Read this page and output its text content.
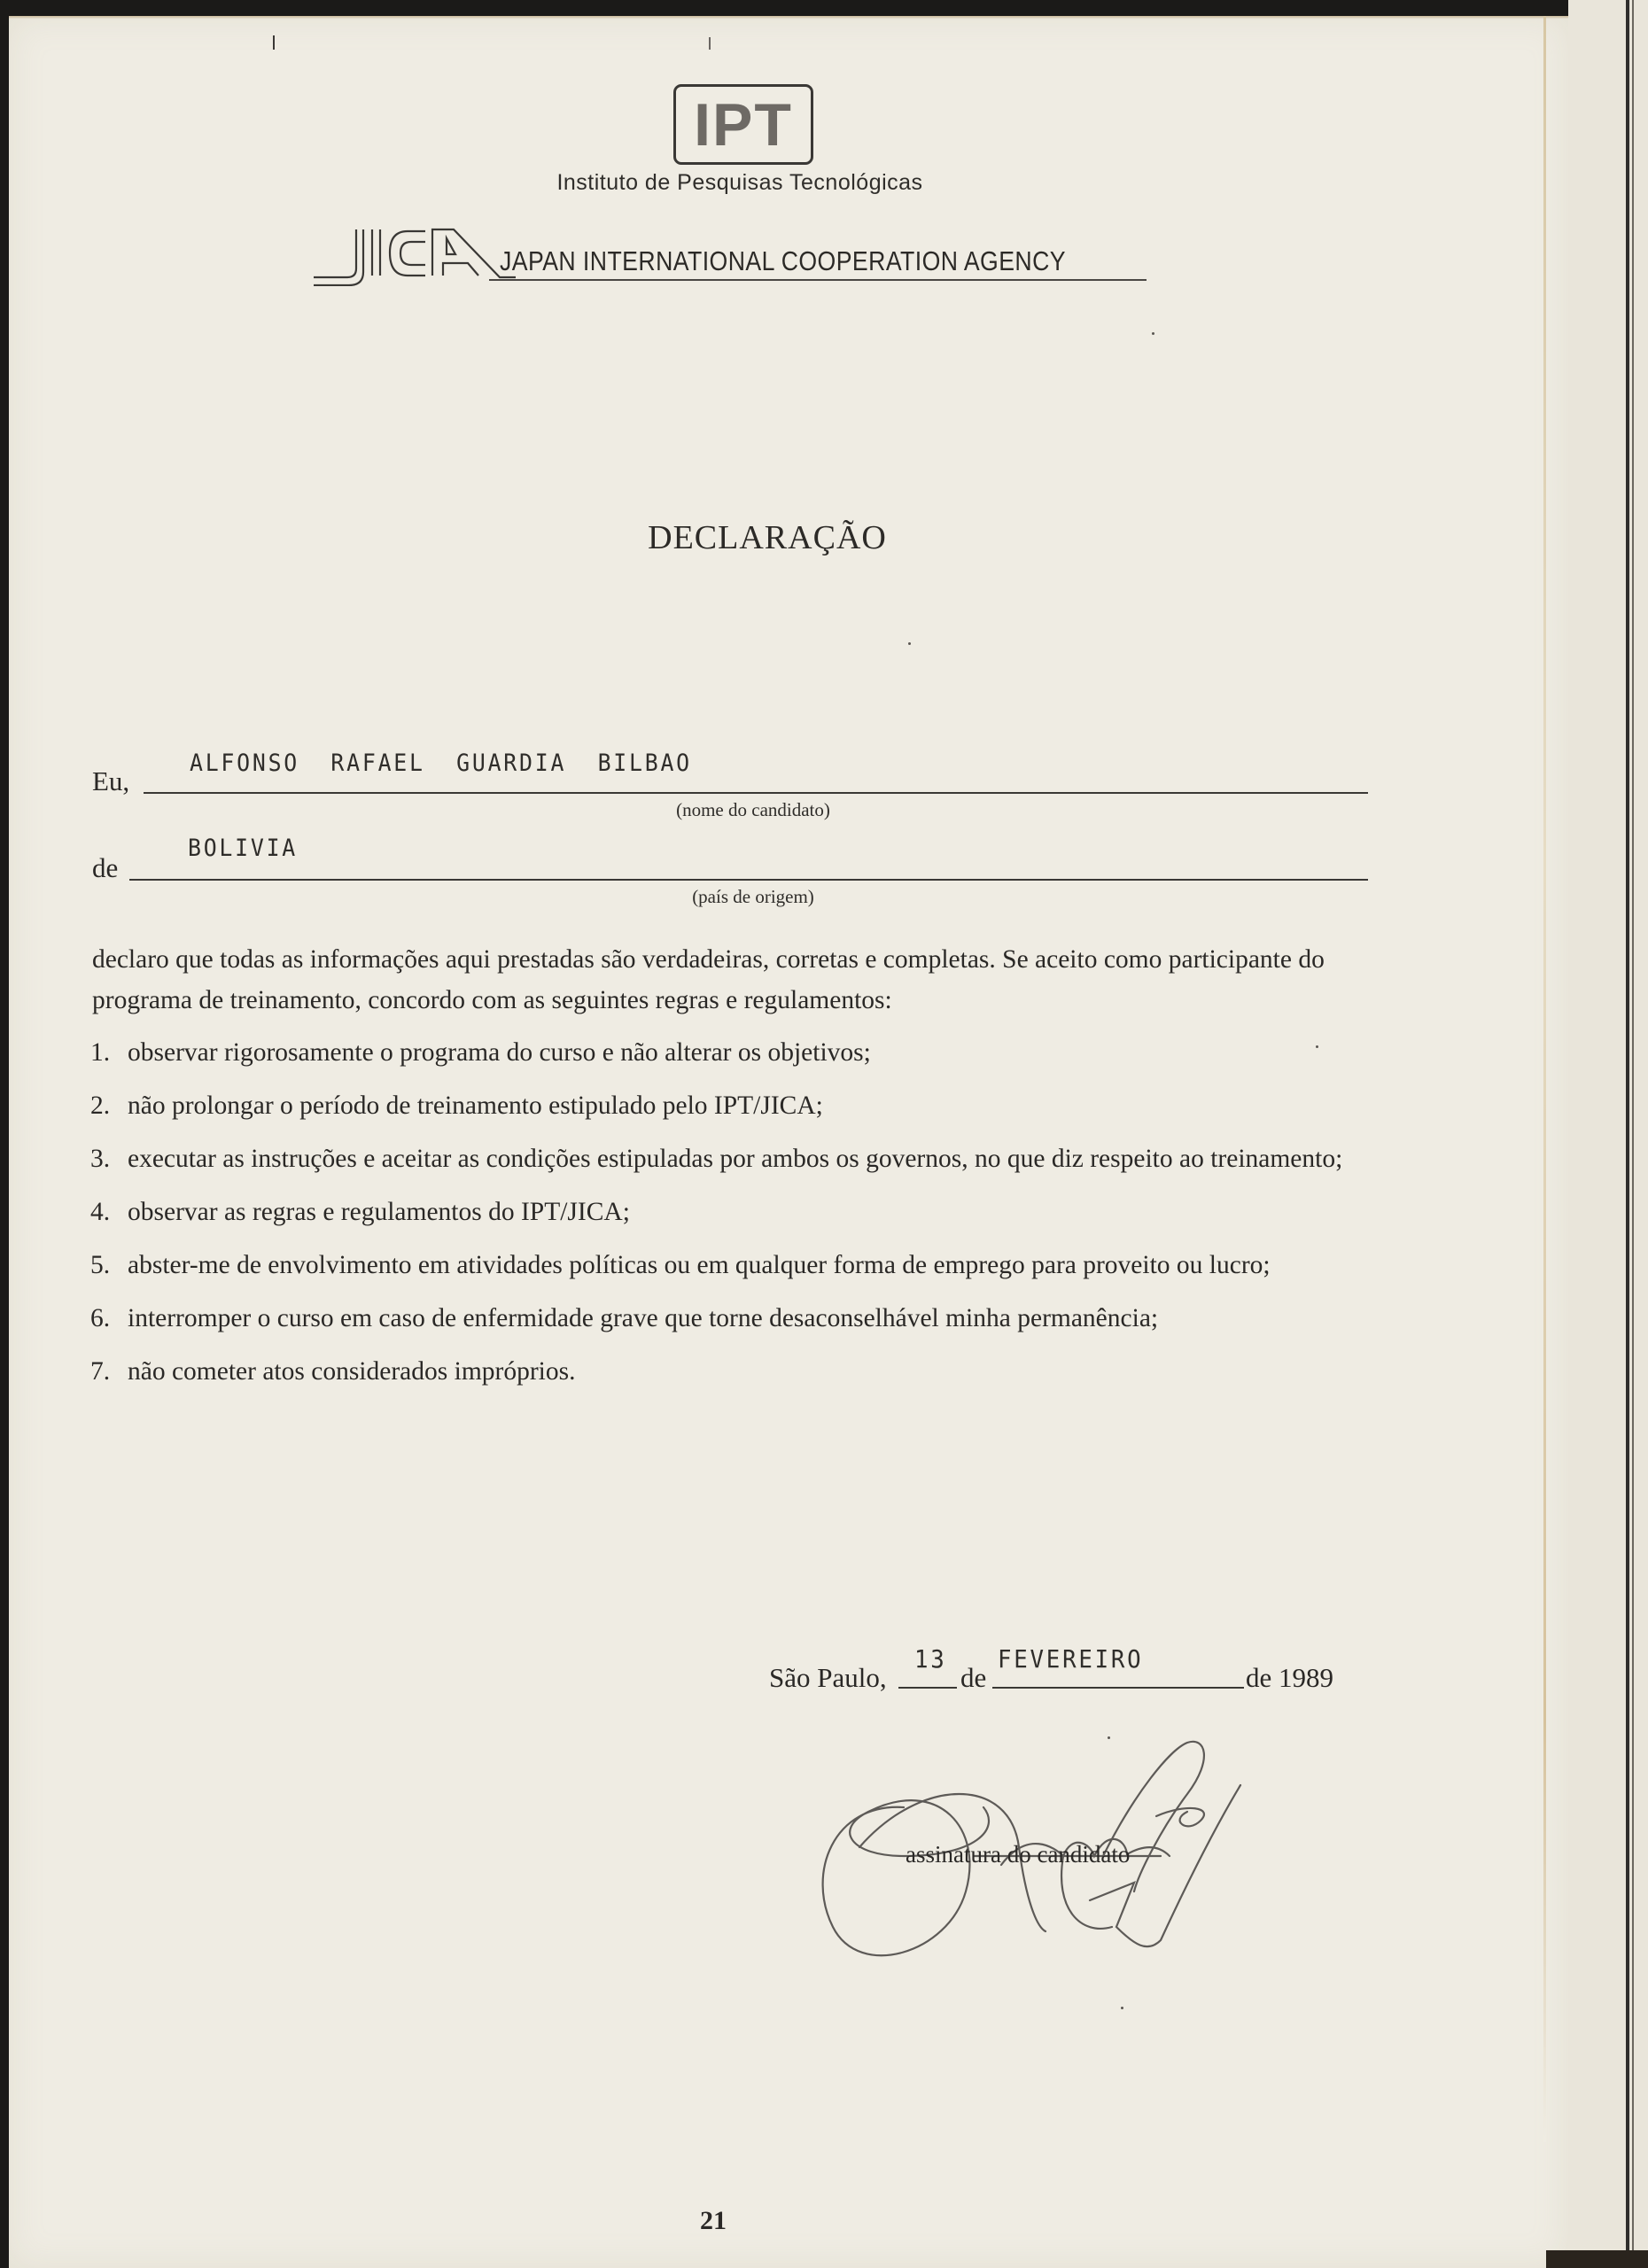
IPT
Instituto de Pesquisas Tecnológicas
JAPAN INTERNATIONAL COOPERATION AGENCY
DECLARAÇÃO
Eu,
ALFONSO  RAFAEL  GUARDIA  BILBAO
(nome do candidato)
de
BOLIVIA
(país de origem)
declaro que todas as informações aqui prestadas são verdadeiras, corretas e completas. Se aceito como participante do programa de treinamento, concordo com as seguintes regras e regulamentos:
1. observar rigorosamente o programa do curso e não alterar os objetivos;
2. não prolongar o período de treinamento estipulado pelo IPT/JICA;
3. executar as instruções e aceitar as condições estipuladas por ambos os governos, no que diz respeito ao treinamento;
4. observar as regras e regulamentos do IPT/JICA;
5. abster-me de envolvimento em atividades políticas ou em qualquer forma de emprego para proveito ou lucro;
6. interromper o curso em caso de enfermidade grave que torne desaconselhável minha permanência;
7. não cometer atos considerados impróprios.
São Paulo,
13
de
FEVEREIRO
de 1989
assinatura do candidato
21
